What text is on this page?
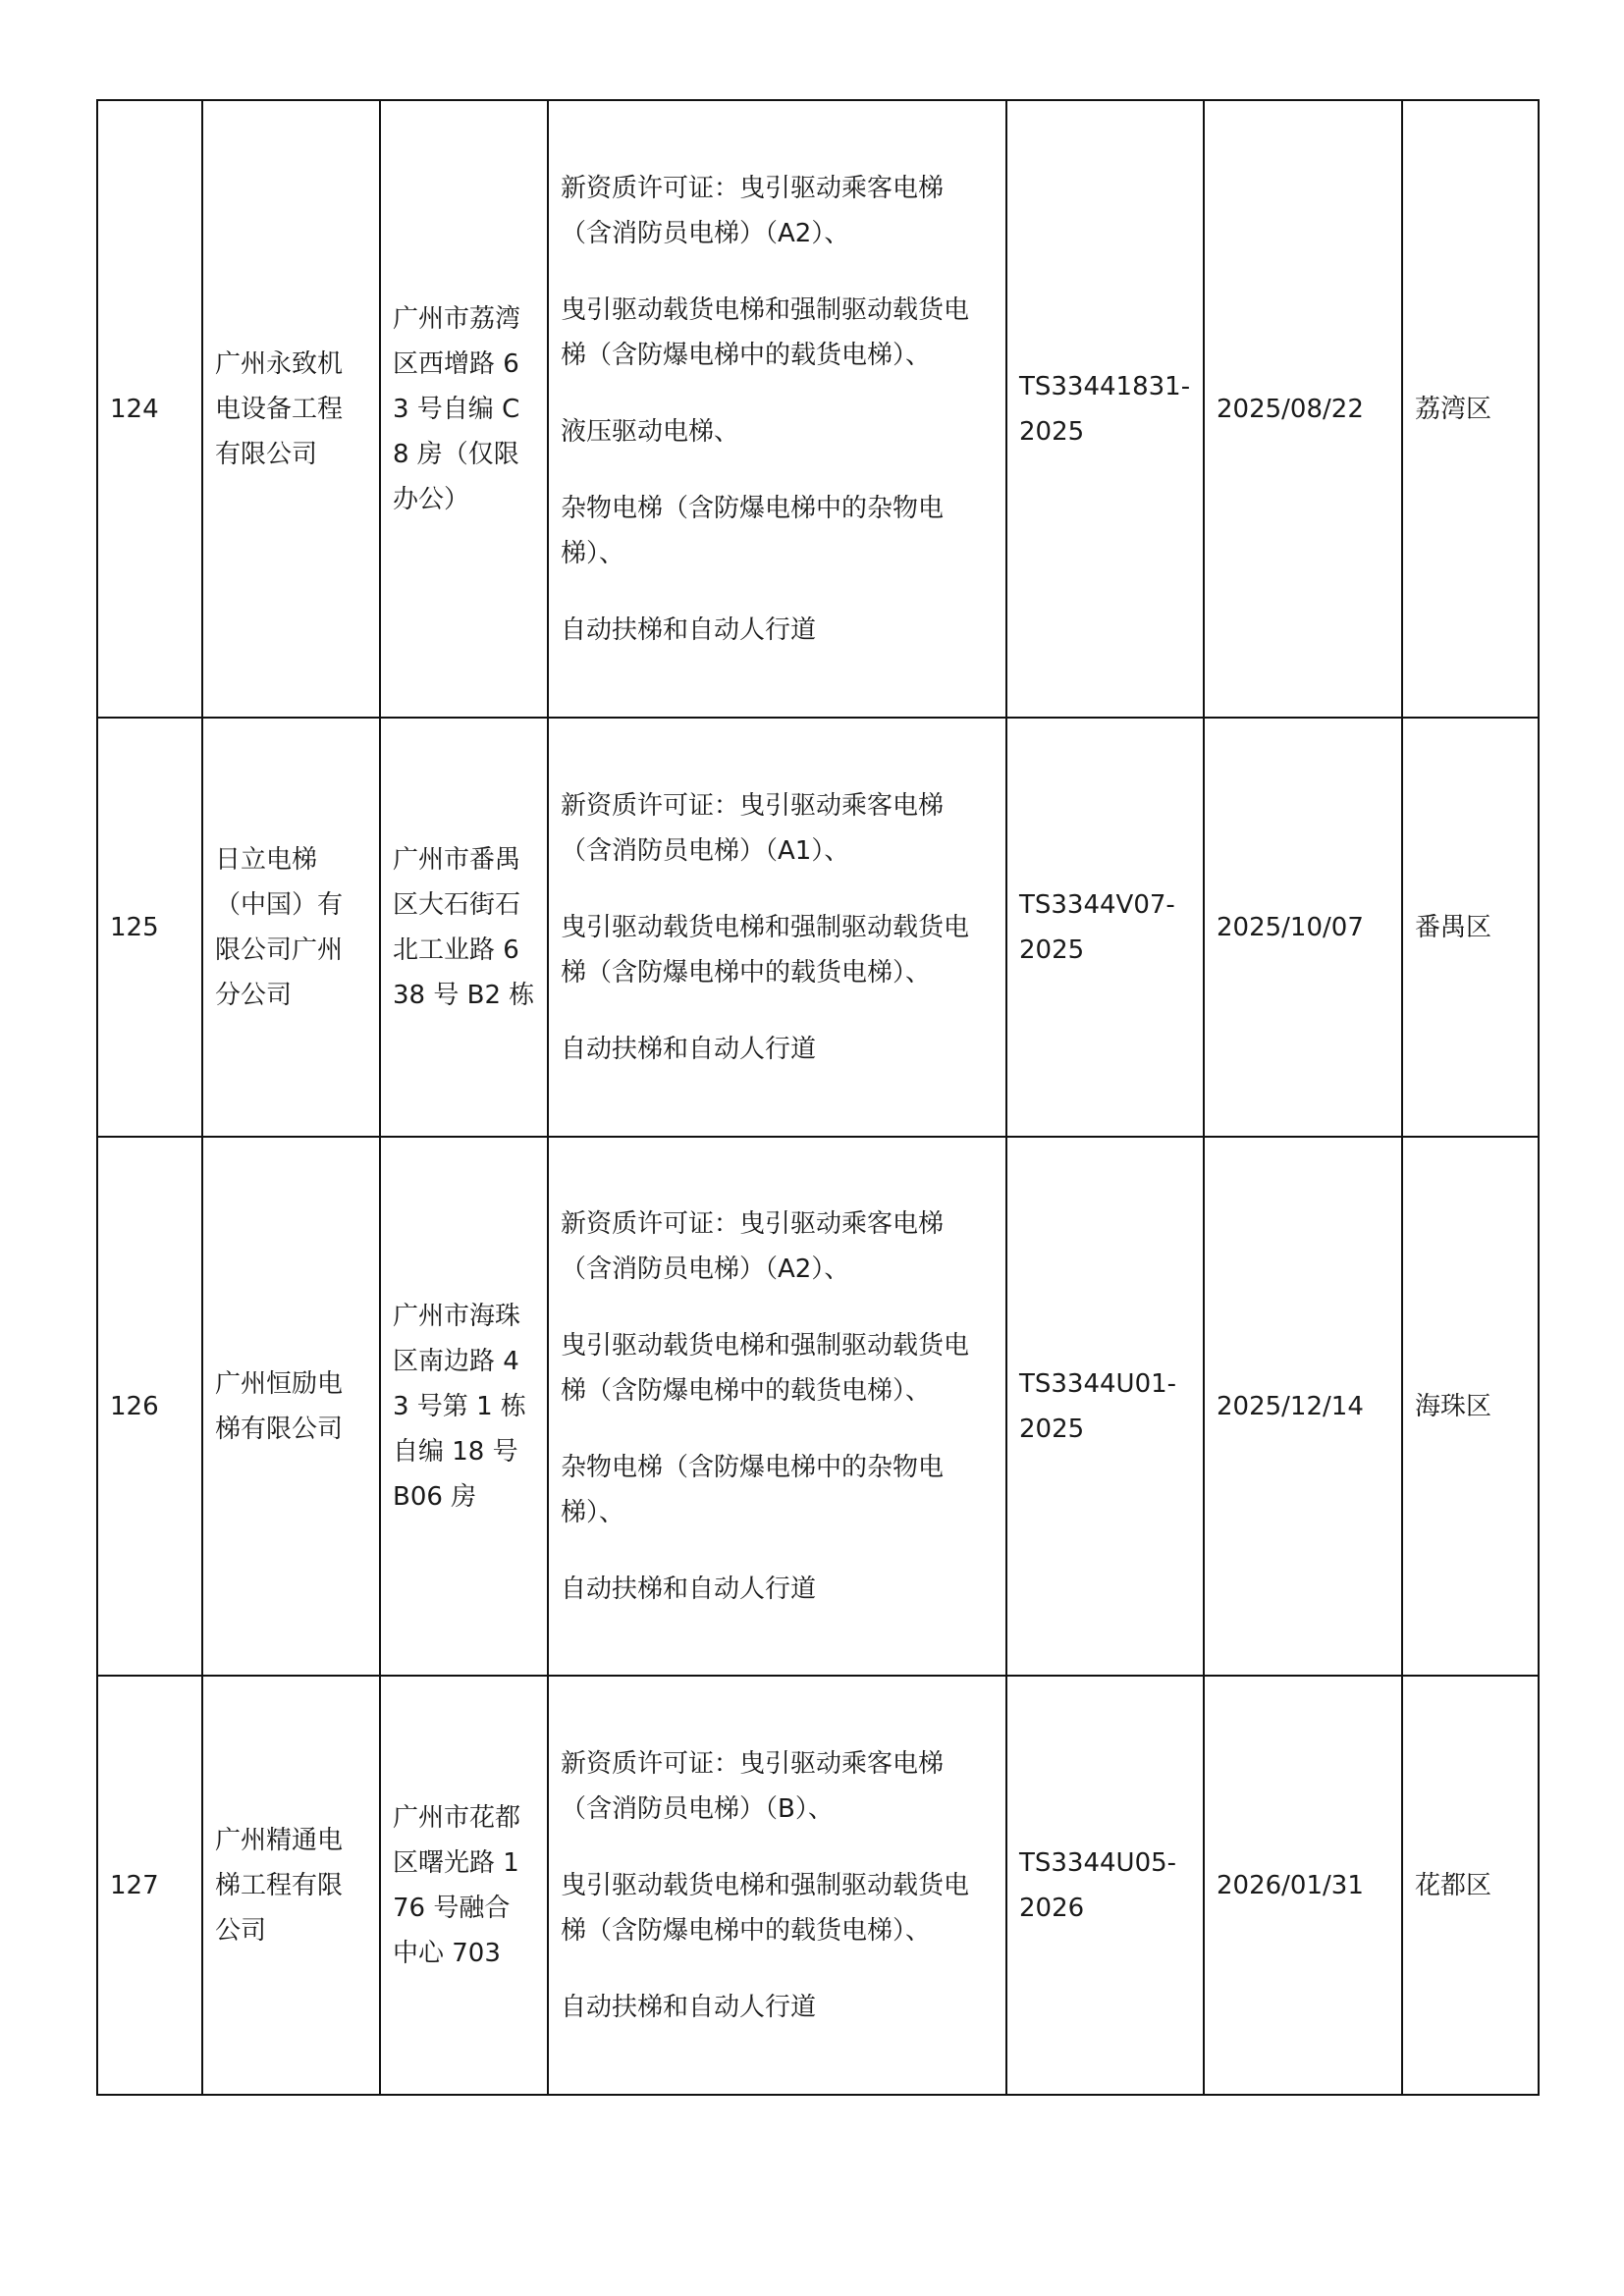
124	广州永致机电设备工程有限公司	广州市荔湾区西增路 63 号自编 C8 房（仅限办公）	新资质许可证：曳引驱动乘客电梯（含消防员电梯）（A2）、

曳引驱动载货电梯和强制驱动载货电梯（含防爆电梯中的载货电梯）、

液压驱动电梯、

杂物电梯（含防爆电梯中的杂物电梯）、

自动扶梯和自动人行道	TS33441831-2025	2025/08/22	荔湾区
125	日立电梯（中国）有限公司广州分公司	广州市番禺区大石街石北工业路 638 号 B2 栋	新资质许可证：曳引驱动乘客电梯（含消防员电梯）（A1）、

曳引驱动载货电梯和强制驱动载货电梯（含防爆电梯中的载货电梯）、

自动扶梯和自动人行道	TS3344V07-2025	2025/10/07	番禺区
126	广州恒励电梯有限公司	广州市海珠区南边路 43 号第 1 栋自编 18 号 B06 房	新资质许可证：曳引驱动乘客电梯（含消防员电梯）（A2）、

曳引驱动载货电梯和强制驱动载货电梯（含防爆电梯中的载货电梯）、

杂物电梯（含防爆电梯中的杂物电梯）、

自动扶梯和自动人行道	TS3344U01-2025	2025/12/14	海珠区
127	广州精通电梯工程有限公司	广州市花都区曙光路 176 号融合中心 703	新资质许可证：曳引驱动乘客电梯（含消防员电梯）（B）、

曳引驱动载货电梯和强制驱动载货电梯（含防爆电梯中的载货电梯）、

自动扶梯和自动人行道	TS3344U05-2026	2026/01/31	花都区
